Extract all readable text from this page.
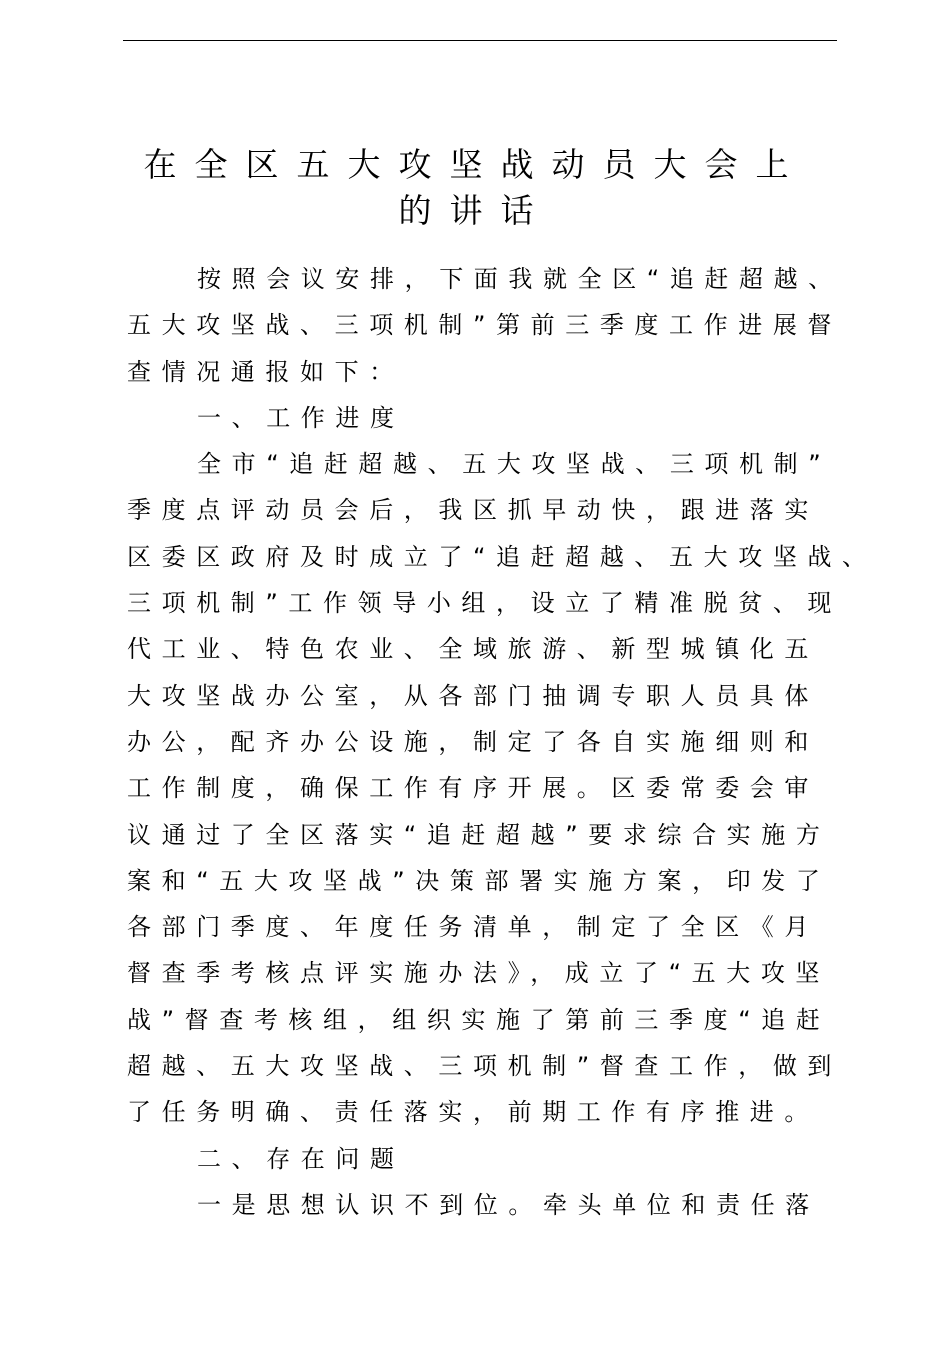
在全区五大攻坚战动员大会上
的讲话
按照会议安排，下面我就全区“追赶超越、
五大攻坚战、三项机制”第前三季度工作进展督
查情况通报如下：
一、工作进度
全市“追赶超越、五大攻坚战、三项机制”
季度点评动员会后，我区抓早动快，跟进落实
区委区政府及时成立了“追赶超越、五大攻坚战、
三项机制”工作领导小组，设立了精准脱贫、现
代工业、特色农业、全域旅游、新型城镇化五
大攻坚战办公室，从各部门抽调专职人员具体
办公，配齐办公设施，制定了各自实施细则和
工作制度，确保工作有序开展。区委常委会审
议通过了全区落实“追赶超越”要求综合实施方
案和“五大攻坚战”决策部署实施方案，印发了
各部门季度、年度任务清单，制定了全区《月
督查季考核点评实施办法》，成立了“五大攻坚
战”督查考核组，组织实施了第前三季度“追赶
超越、五大攻坚战、三项机制”督查工作，做到
了任务明确、责任落实，前期工作有序推进。
二、存在问题
一是思想认识不到位。牵头单位和责任落
